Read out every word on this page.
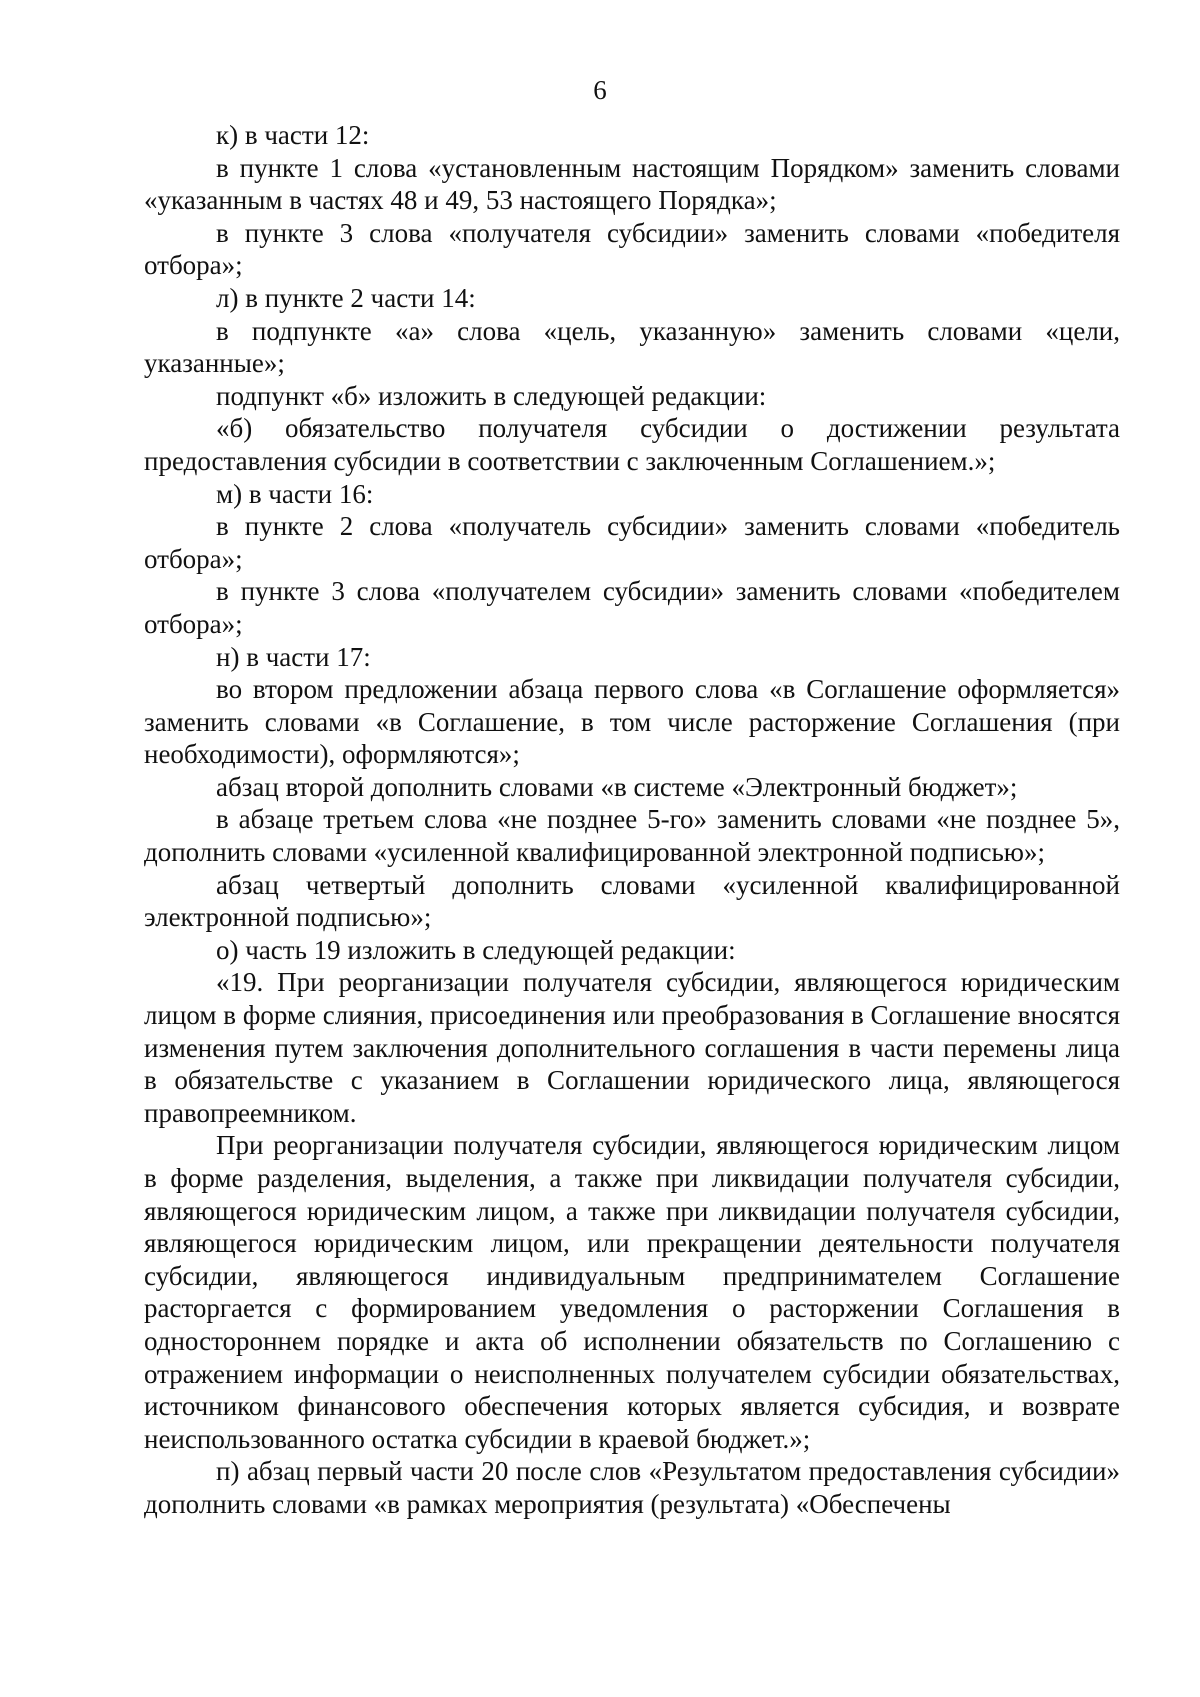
6

к) в части 12:

в пункте 1 слова «установленным настоящим Порядком» заменить словами «указанным в частях 48 и 49, 53 настоящего Порядка»;

в пункте 3 слова «получателя субсидии» заменить словами «победителя отбора»;

л) в пункте 2 части 14:

в подпункте «а» слова «цель, указанную» заменить словами «цели, указанные»;

подпункт «б» изложить в следующей редакции:

«б) обязательство получателя субсидии о достижении результата предоставления субсидии в соответствии с заключенным Соглашением.»;

м) в части 16:

в пункте 2 слова «получатель субсидии» заменить словами «победитель отбора»;

в пункте 3 слова «получателем субсидии» заменить словами «победителем отбора»;

н) в части 17:

во втором предложении абзаца первого слова «в Соглашение оформляется» заменить словами «в Соглашение, в том числе расторжение Соглашения (при необходимости), оформляются»;

абзац второй дополнить словами «в системе «Электронный бюджет»;

в абзаце третьем слова «не позднее 5-го» заменить словами «не позднее 5», дополнить словами «усиленной квалифицированной электронной подписью»;

абзац четвертый дополнить словами «усиленной квалифицированной электронной подписью»;

о) часть 19 изложить в следующей редакции:

«19. При реорганизации получателя субсидии, являющегося юридическим лицом в форме слияния, присоединения или преобразования в Соглашение вносятся изменения путем заключения дополнительного соглашения в части перемены лица в обязательстве с указанием в Соглашении юридического лица, являющегося правопреемником.

При реорганизации получателя субсидии, являющегося юридическим лицом в форме разделения, выделения, а также при ликвидации получателя субсидии, являющегося юридическим лицом, а также при ликвидации получателя субсидии, являющегося юридическим лицом, или прекращении деятельности получателя субсидии, являющегося индивидуальным предпринимателем Соглашение расторгается с формированием уведомления о расторжении Соглашения в одностороннем порядке и акта об исполнении обязательств по Соглашению с отражением информации о неисполненных получателем субсидии обязательствах, источником финансового обеспечения которых является субсидия, и возврате неиспользованного остатка субсидии в краевой бюджет.»;

п) абзац первый части 20 после слов «Результатом предоставления субсидии» дополнить словами «в рамках мероприятия (результата) «Обеспечены
